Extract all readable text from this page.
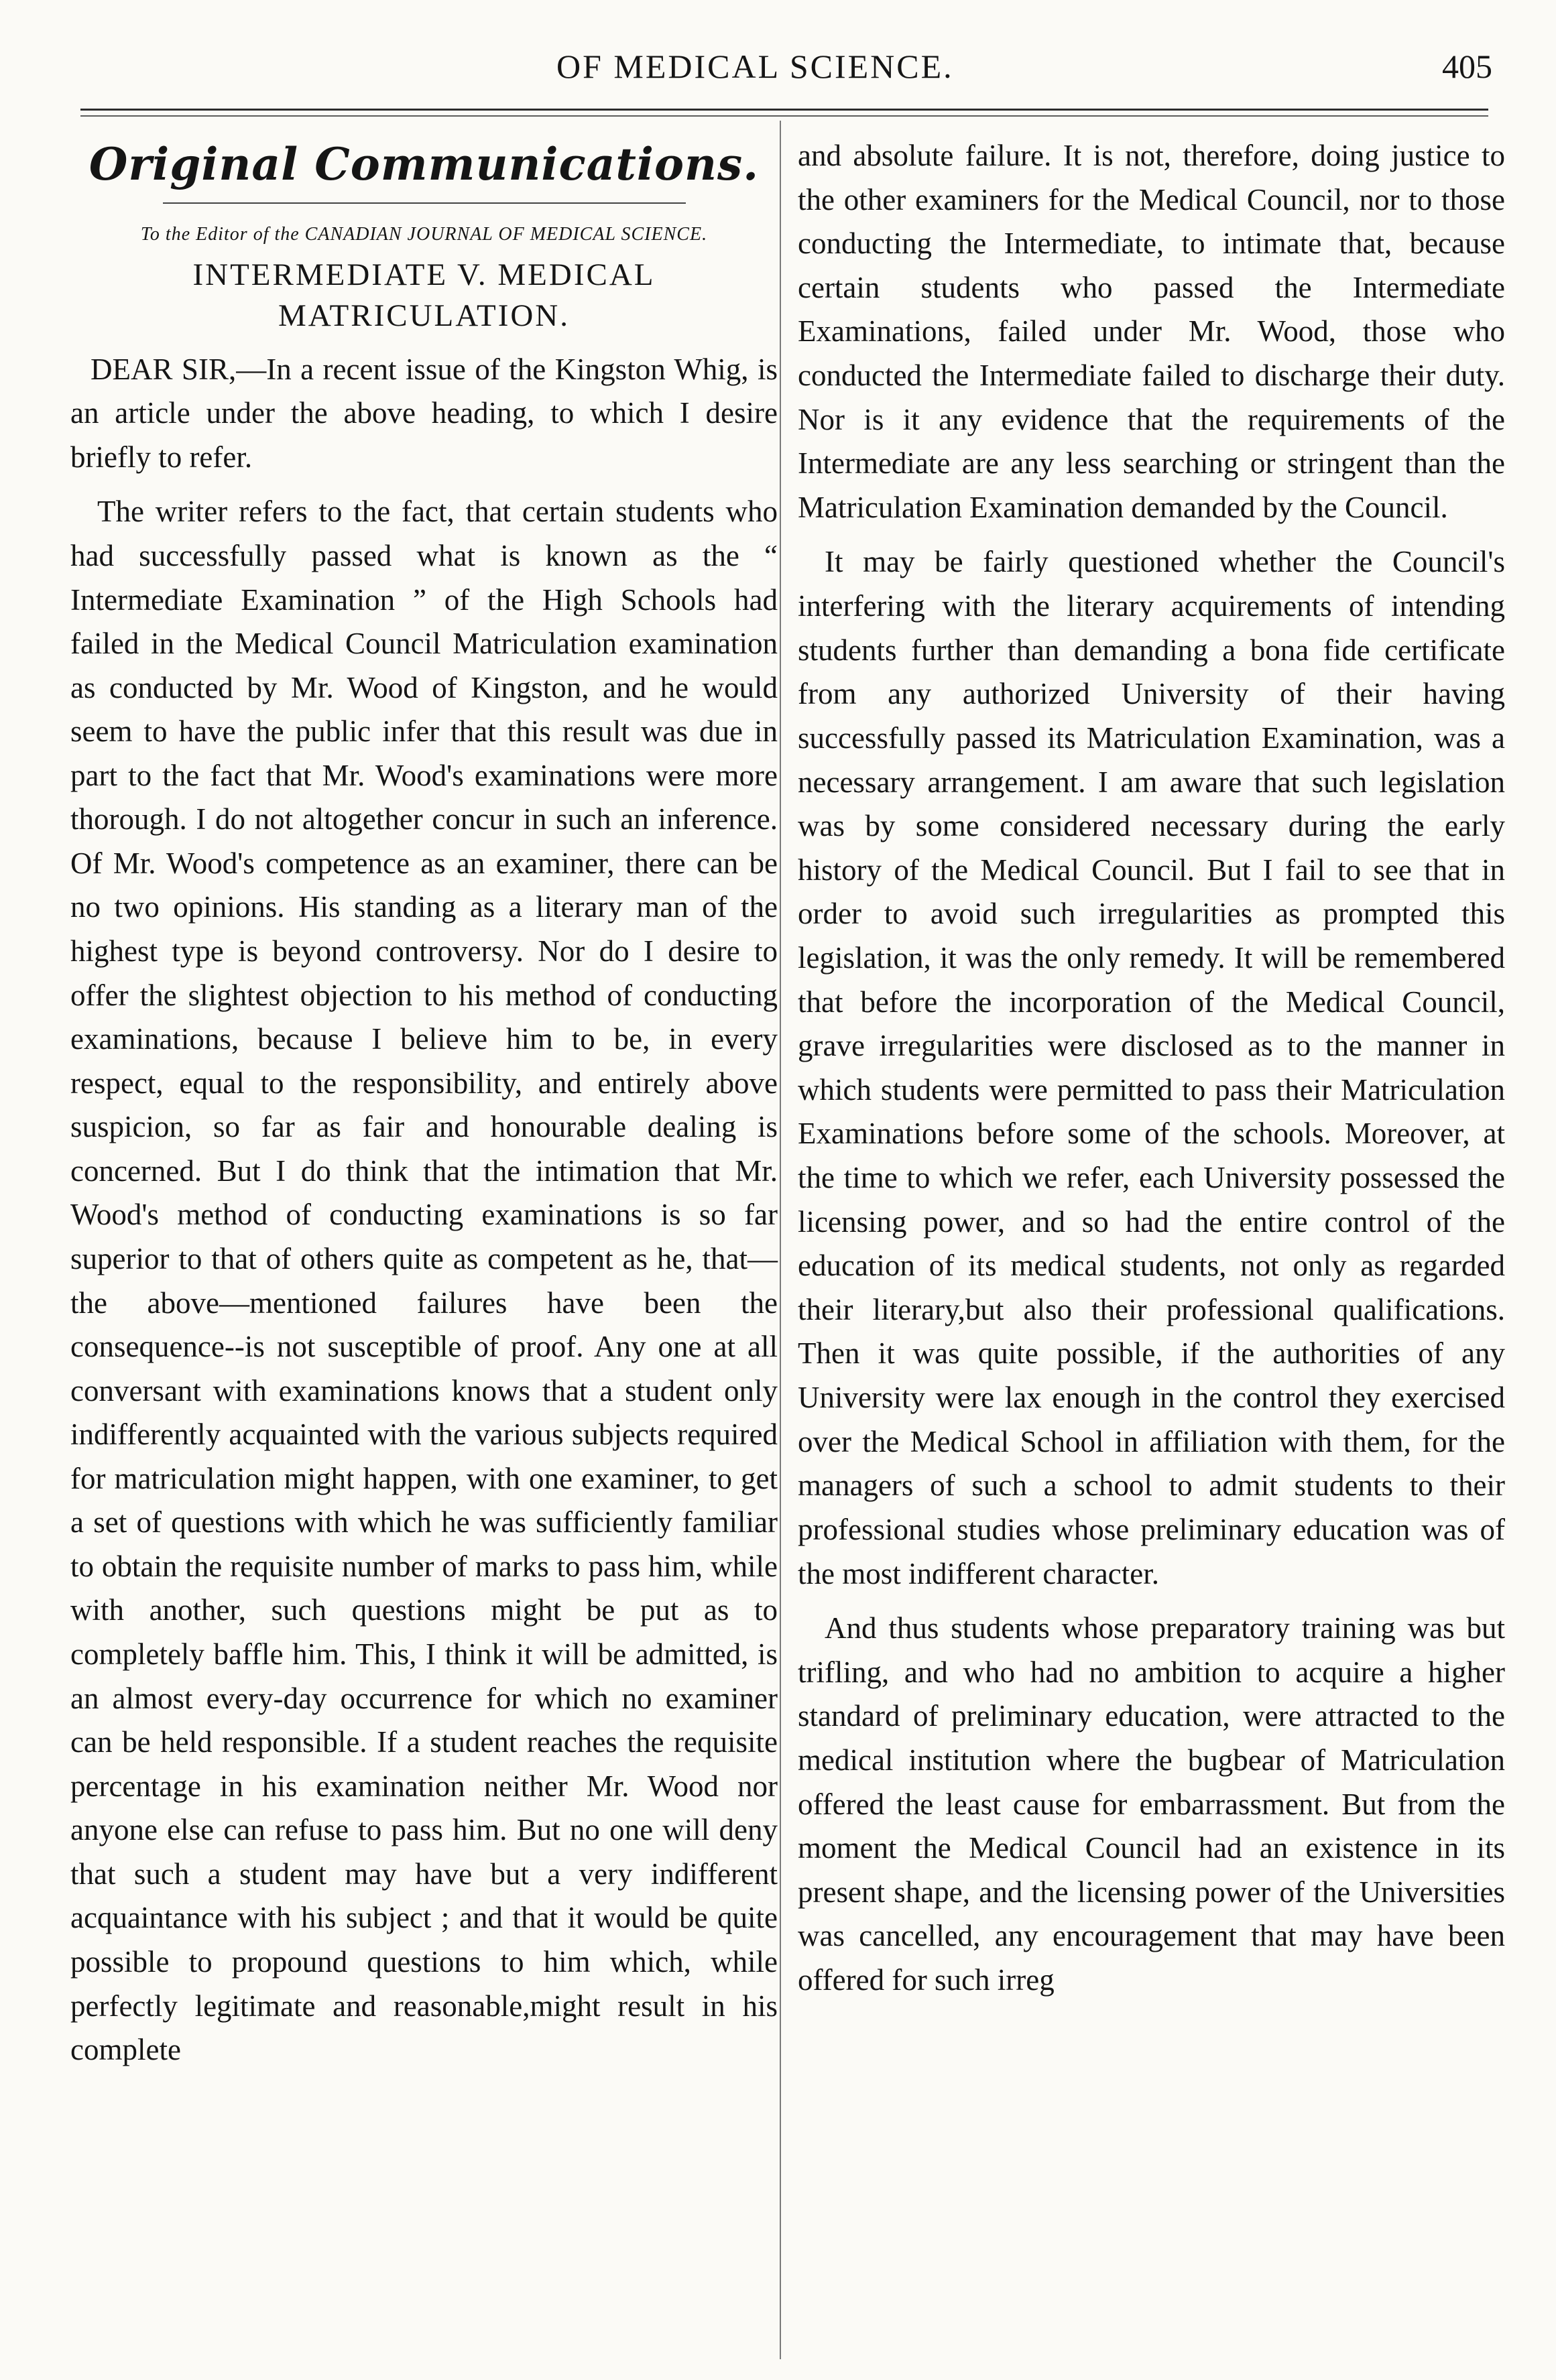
OF MEDICAL SCIENCE.	405
Original Communications.
To the Editor of the CANADIAN JOURNAL OF MEDICAL SCIENCE.
INTERMEDIATE V. MEDICAL MATRICULATION.

DEAR SIR,—In a recent issue of the Kingston Whig, is an article under the above heading, to which I desire briefly to refer.

The writer refers to the fact, that certain students who had successfully passed what is known as the “ Intermediate Examination ” of the High Schools had failed in the Medical Council Matriculation examination as conducted by Mr. Wood of Kingston, and he would seem to have the public infer that this result was due in part to the fact that Mr. Wood's examinations were more thorough. I do not altogether concur in such an inference. Of Mr. Wood's competence as an examiner, there can be no two opinions. His standing as a literary man of the highest type is beyond controversy. Nor do I desire to offer the slightest objection to his method of conducting examinations, because I believe him to be, in every respect, equal to the responsibility, and entirely above suspicion, so far as fair and honourable dealing is concerned. But I do think that the intimation that Mr. Wood's method of conducting examinations is so far superior to that of others quite as competent as he, that—the above—mentioned failures have been the consequence--is not susceptible of proof. Any one at all conversant with examinations knows that a student only indifferently acquainted with the various subjects required for matriculation might happen, with one examiner, to get a set of questions with which he was sufficiently familiar to obtain the requisite number of marks to pass him, while with another, such questions might be put as to completely baffle him. This, I think it will be admitted, is an almost every-day occurrence for which no examiner can be held responsible. If a student reaches the requisite percentage in his examination neither Mr. Wood nor anyone else can refuse to pass him. But no one will deny that such a student may have but a very indifferent acquaintance with his subject ; and that it would be quite possible to propound questions to him which, while perfectly legitimate and reasonable,might result in his complete

and absolute failure. It is not, therefore, doing justice to the other examiners for the Medical Council, nor to those conducting the Intermediate, to intimate that, because certain students who passed the Intermediate Examinations, failed under Mr. Wood, those who conducted the Intermediate failed to discharge their duty. Nor is it any evidence that the requirements of the Intermediate are any less searching or stringent than the Matriculation Examination demanded by the Council.

It may be fairly questioned whether the Council's interfering with the literary acquirements of intending students further than demanding a bona fide certificate from any authorized University of their having successfully passed its Matriculation Examination, was a necessary arrangement. I am aware that such legislation was by some considered necessary during the early history of the Medical Council. But I fail to see that in order to avoid such irregularities as prompted this legislation, it was the only remedy. It will be remembered that before the incorporation of the Medical Council, grave irregularities were disclosed as to the manner in which students were permitted to pass their Matriculation Examinations before some of the schools. Moreover, at the time to which we refer, each University possessed the licensing power, and so had the entire control of the education of its medical students, not only as regarded their literary,but also their professional qualifications. Then it was quite possible, if the authorities of any University were lax enough in the control they exercised over the Medical School in affiliation with them, for the managers of such a school to admit students to their professional studies whose preliminary education was of the most indifferent character.

And thus students whose preparatory training was but trifling, and who had no ambition to acquire a higher standard of preliminary education, were attracted to the medical institution where the bugbear of Matriculation offered the least cause for embarrassment. But from the moment the Medical Council had an existence in its present shape, and the licensing power of the Universities was cancelled, any encouragement that may have been offered for such irreg
